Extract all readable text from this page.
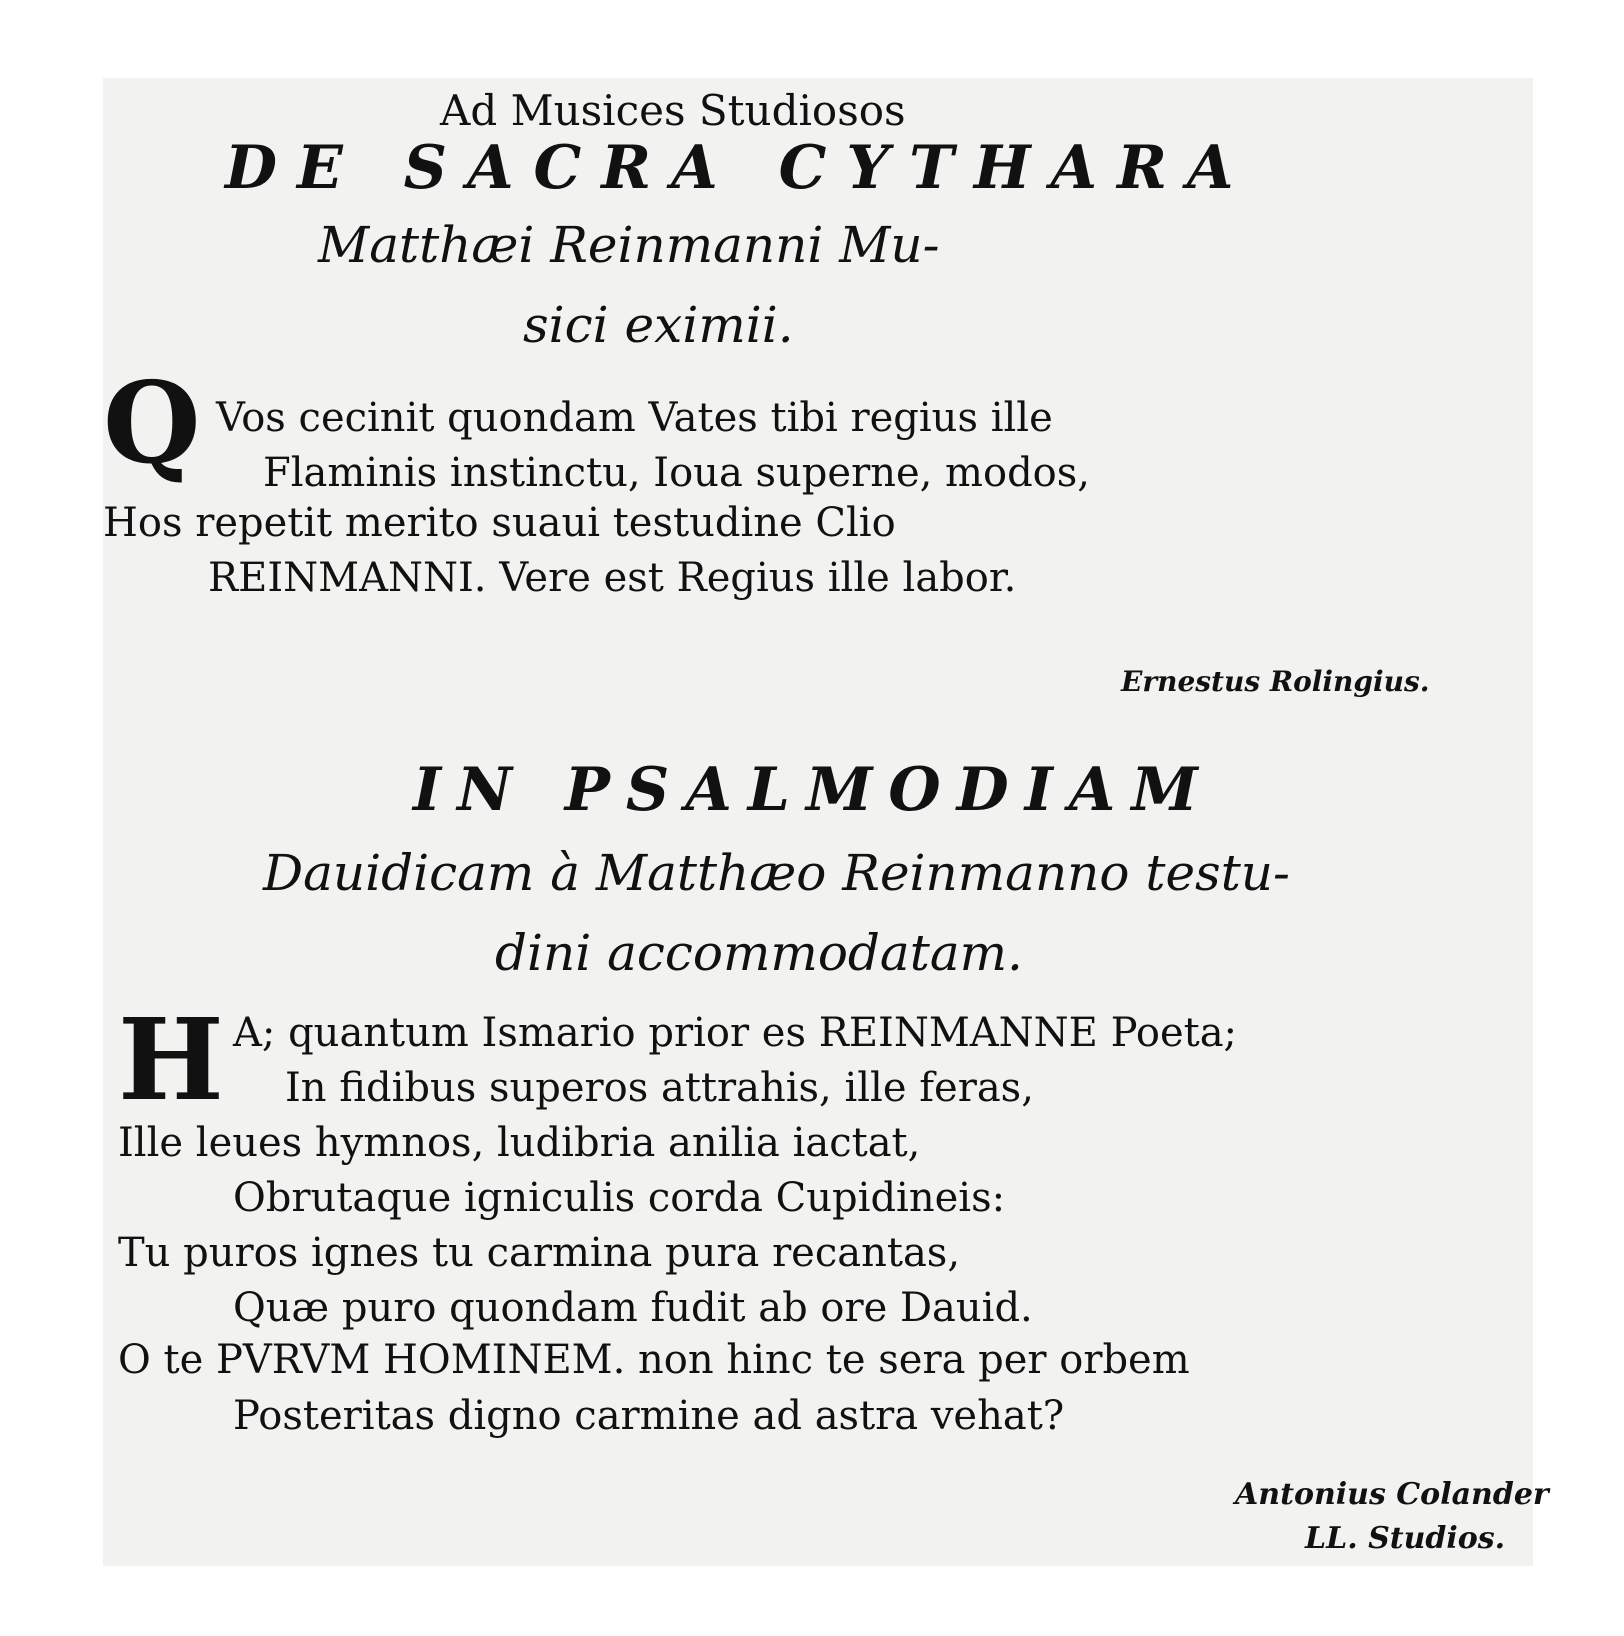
Ad Musices Studiosos
DE SACRA CYTHARA
Matthæi Reinmanni Mu-
sici eximii.
Q Vos cecinit quondam Vates tibi regius ille
Flaminis instinctu, Ioua superne, modos,
Hos repetit merito suaui testudine Clio
REINMANNI. Vere est Regius ille labor.
Ernestus Rolingius.
IN PSALMODIAM
Dauidicam à Matthæo Reinmanno testu-
dini accommodatam.
H A; quantum Ismario prior es REINMANNE Poeta;
In fidibus superos attrahis, ille feras,
Ille leues hymnos, ludibria anilia iactat,
Obrutaque igniculis corda Cupidineis:
Tu puros ignes tu carmina pura recantas,
Quæ puro quondam fudit ab ore Dauid.
O te PVRVM HOMINEM. non hinc te sera per orbem
Posteritas digno carmine ad astra vehat?
Antonius Colander
LL. Studios.
